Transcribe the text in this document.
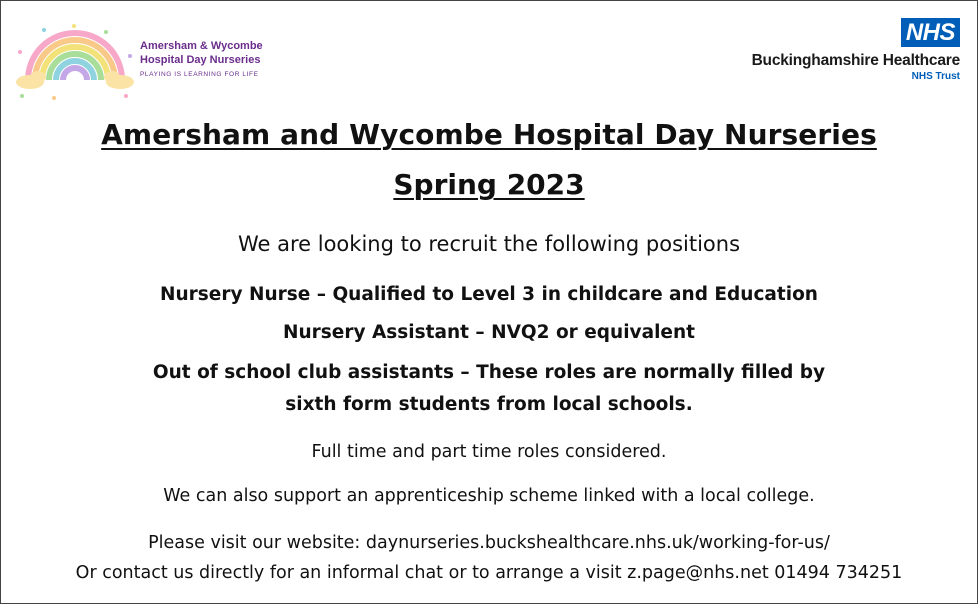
Amersham & Wycombe
Hospital Day Nurseries
PLAYING IS LEARNING FOR LIFE
NHS
Buckinghamshire Healthcare
NHS Trust
Amersham and Wycombe Hospital Day Nurseries
Spring 2023
We are looking to recruit the following positions
Nursery Nurse – Qualified to Level 3 in childcare and Education
Nursery Assistant – NVQ2 or equivalent
Out of school club assistants – These roles are normally filled by
sixth form students from local schools.
Full time and part time roles considered.
We can also support an apprenticeship scheme linked with a local college.
Please visit our website: daynurseries.buckshealthcare.nhs.uk/working-for-us/
Or contact us directly for an informal chat or to arrange a visit z.page@nhs.net 01494 734251
